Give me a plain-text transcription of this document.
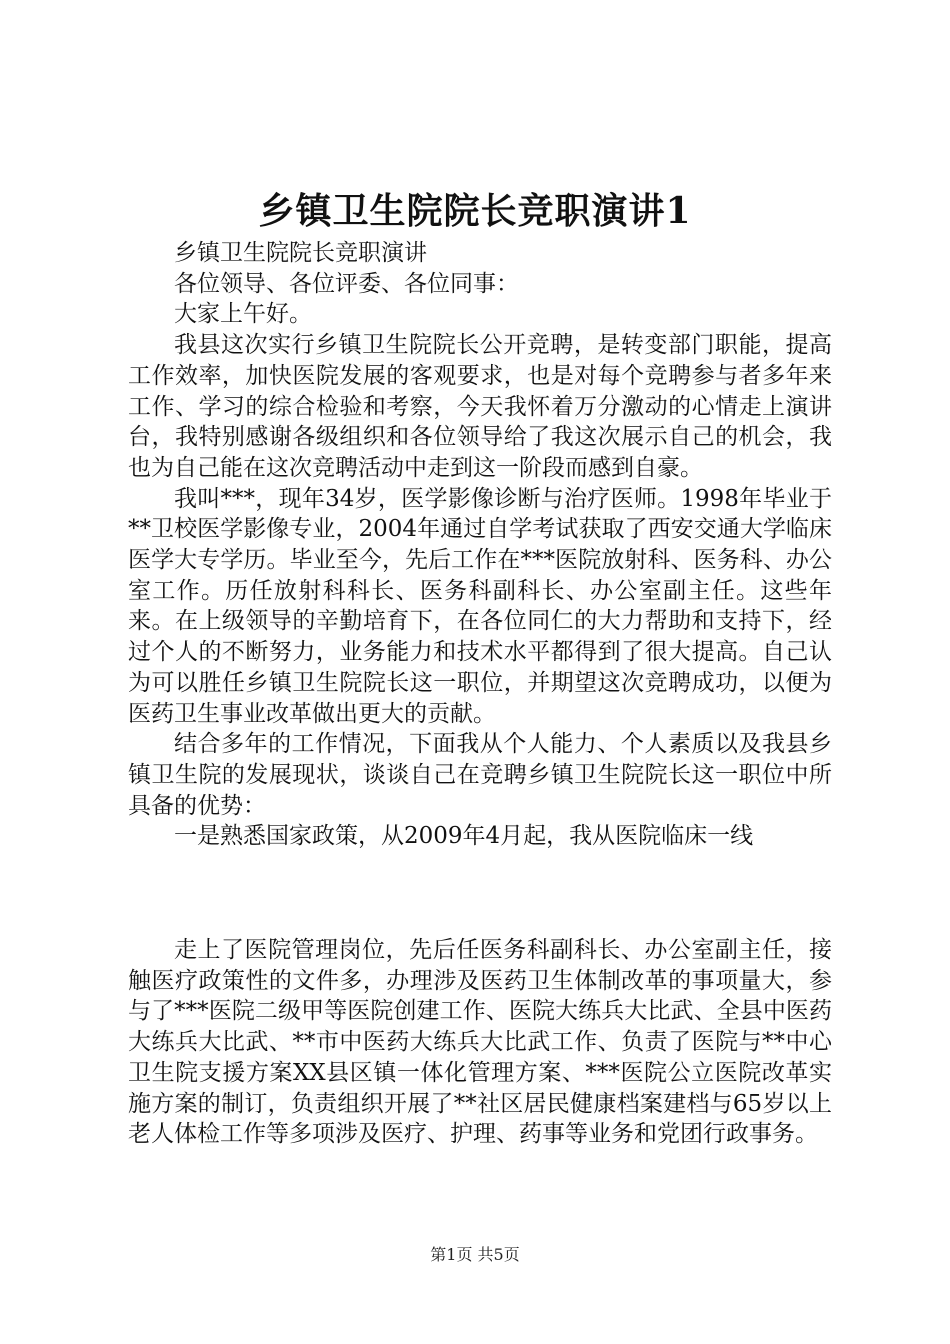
乡镇卫生院院长竞职演讲1

乡镇卫生院院长竞职演讲

各位领导、各位评委、各位同事：

大家上午好。

我县这次实行乡镇卫生院院长公开竞聘，是转变部门职能，提高工作效率，加快医院发展的客观要求，也是对每个竞聘参与者多年来工作、学习的综合检验和考察，今天我怀着万分激动的心情走上演讲台，我特别感谢各级组织和各位领导给了我这次展示自己的机会，我也为自己能在这次竞聘活动中走到这一阶段而感到自豪。

我叫***，现年34岁，医学影像诊断与治疗医师。1998年毕业于**卫校医学影像专业，2004年通过自学考试获取了西安交通大学临床医学大专学历。毕业至今，先后工作在***医院放射科、医务科、办公室工作。历任放射科科长、医务科副科长、办公室副主任。这些年来。在上级领导的辛勤培育下，在各位同仁的大力帮助和支持下，经过个人的不断努力，业务能力和技术水平都得到了很大提高。自己认为可以胜任乡镇卫生院院长这一职位，并期望这次竞聘成功，以便为医药卫生事业改革做出更大的贡献。

结合多年的工作情况，下面我从个人能力、个人素质以及我县乡镇卫生院的发展现状，谈谈自己在竞聘乡镇卫生院院长这一职位中所具备的优势：

一是熟悉国家政策，从2009年4月起，我从医院临床一线

走上了医院管理岗位，先后任医务科副科长、办公室副主任，接触医疗政策性的文件多，办理涉及医药卫生体制改革的事项量大，参与了***医院二级甲等医院创建工作、医院大练兵大比武、全县中医药大练兵大比武、**市中医药大练兵大比武工作、负责了医院与**中心卫生院支援方案XX县区镇一体化管理方案、***医院公立医院改革实施方案的制订，负责组织开展了**社区居民健康档案建档与65岁以上老人体检工作等多项涉及医疗、护理、药事等业务和党团行政事务。

第1页 共5页
